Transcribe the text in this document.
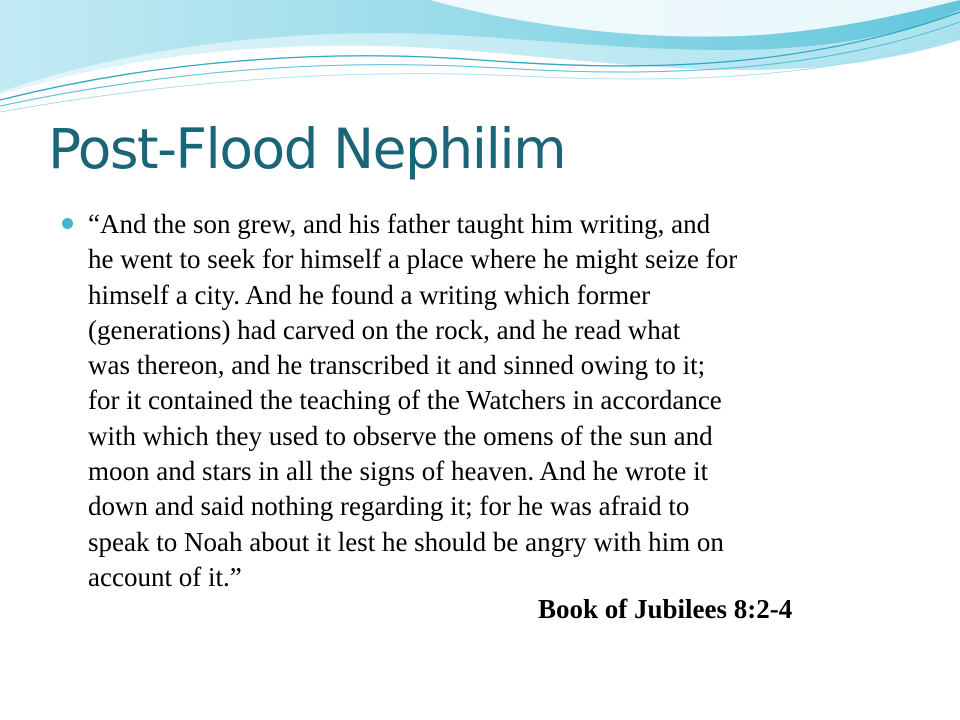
Post-Flood Nephilim

“And the son grew, and his father taught him writing, and
he went to seek for himself a place where he might seize for
himself a city. And he found a writing which former
(generations) had carved on the rock, and he read what
was thereon, and he transcribed it and sinned owing to it;
for it contained the teaching of the Watchers in accordance
with which they used to observe the omens of the sun and
moon and stars in all the signs of heaven. And he wrote it
down and said nothing regarding it; for he was afraid to
speak to Noah about it lest he should be angry with him on
account of it.”

Book of Jubilees 8:2-4
